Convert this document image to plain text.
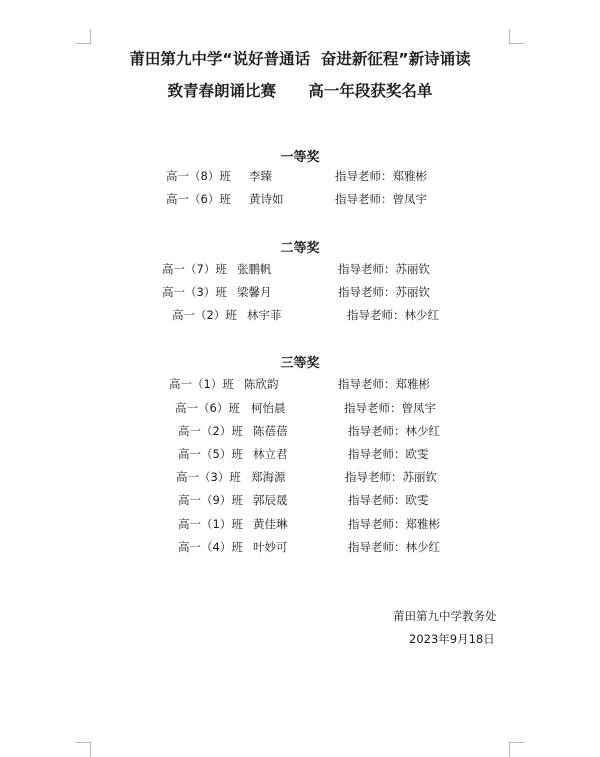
莆田第九中学“说好普通话  奋进新征程”新诗诵读
致青春朗诵比赛      高一年段获奖名单
一等奖
高一（8）班 李臻	指导老师：郑雅彬
高一（6）班 黄诗如	指导老师：曾凤宇
二等奖
高一（7）班 张鹏帆	指导老师：苏丽钦
高一（3）班 梁馨月	指导老师：苏丽钦
高一（2）班 林宇菲	指导老师：林少红
三等奖
高一（1）班 陈欣韵	指导老师：郑雅彬
高一（6）班 柯怡晨	指导老师：曾凤宇
高一（2）班 陈蓓蓓	指导老师：林少红
高一（5）班 林立君	指导老师：欧雯
高一（3）班 郑海源	指导老师：苏丽钦
高一（9）班 郭辰晟	指导老师：欧雯
高一（1）班 黄佳琳	指导老师：郑雅彬
高一（4）班 叶妙可	指导老师：林少红
莆田第九中学教务处
2023年9月18日
